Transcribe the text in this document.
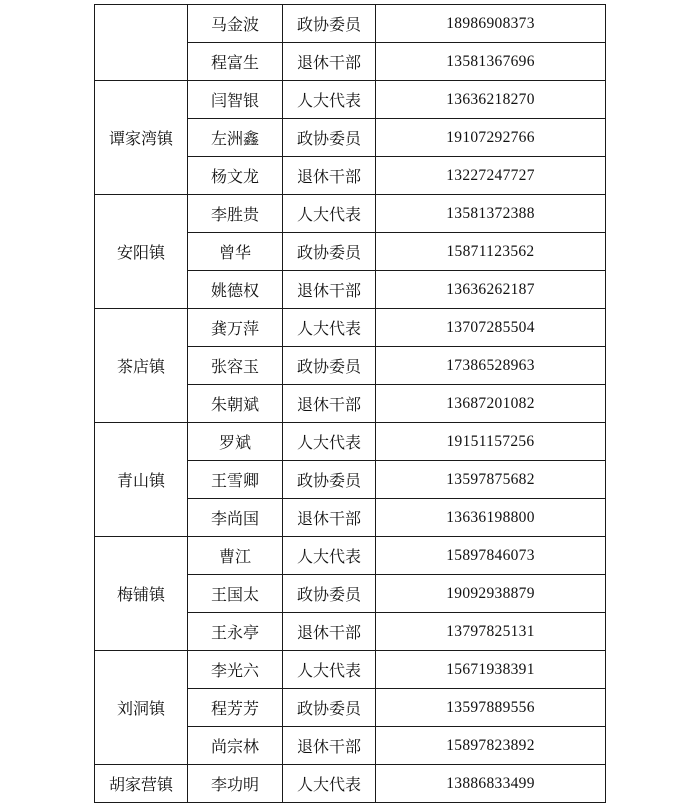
	马金波	政协委员	18986908373
	程富生	退休干部	13581367696
谭家湾镇	闫智银	人大代表	13636218270
	左洲鑫	政协委员	19107292766
	杨文龙	退休干部	13227247727
安阳镇	李胜贵	人大代表	13581372388
	曾华	政协委员	15871123562
	姚德权	退休干部	13636262187
茶店镇	龚万萍	人大代表	13707285504
	张容玉	政协委员	17386528963
	朱朝斌	退休干部	13687201082
青山镇	罗斌	人大代表	19151157256
	王雪卿	政协委员	13597875682
	李尚国	退休干部	13636198800
梅铺镇	曹江	人大代表	15897846073
	王国太	政协委员	19092938879
	王永亭	退休干部	13797825131
刘洞镇	李光六	人大代表	15671938391
	程芳芳	政协委员	13597889556
	尚宗林	退休干部	15897823892
胡家营镇	李功明	人大代表	13886833499
